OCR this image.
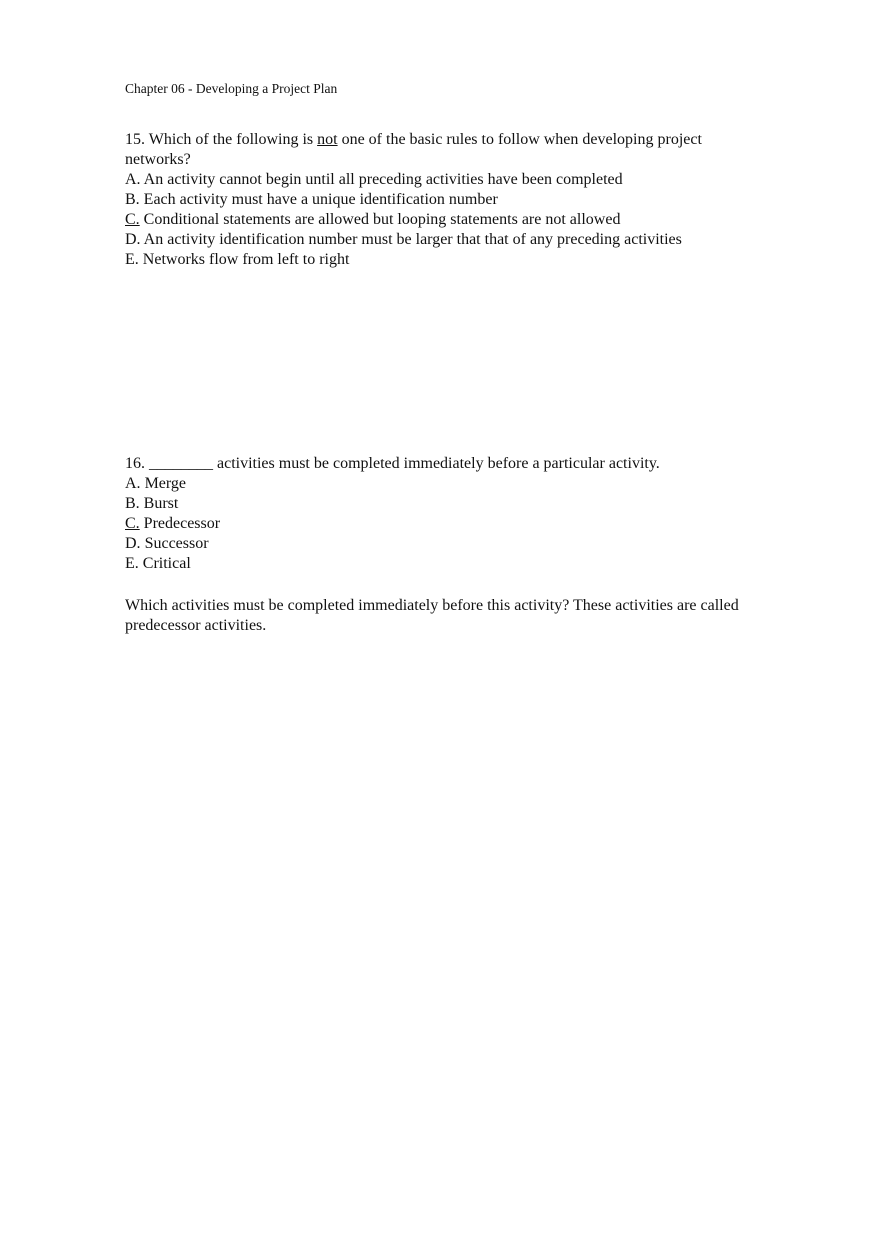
Chapter 06 - Developing a Project Plan
15. Which of the following is not one of the basic rules to follow when developing project networks?
A. An activity cannot begin until all preceding activities have been completed
B. Each activity must have a unique identification number
C. Conditional statements are allowed but looping statements are not allowed
D. An activity identification number must be larger that that of any preceding activities
E. Networks flow from left to right
16. ________ activities must be completed immediately before a particular activity.
A. Merge
B. Burst
C. Predecessor
D. Successor
E. Critical
Which activities must be completed immediately before this activity? These activities are called predecessor activities.
